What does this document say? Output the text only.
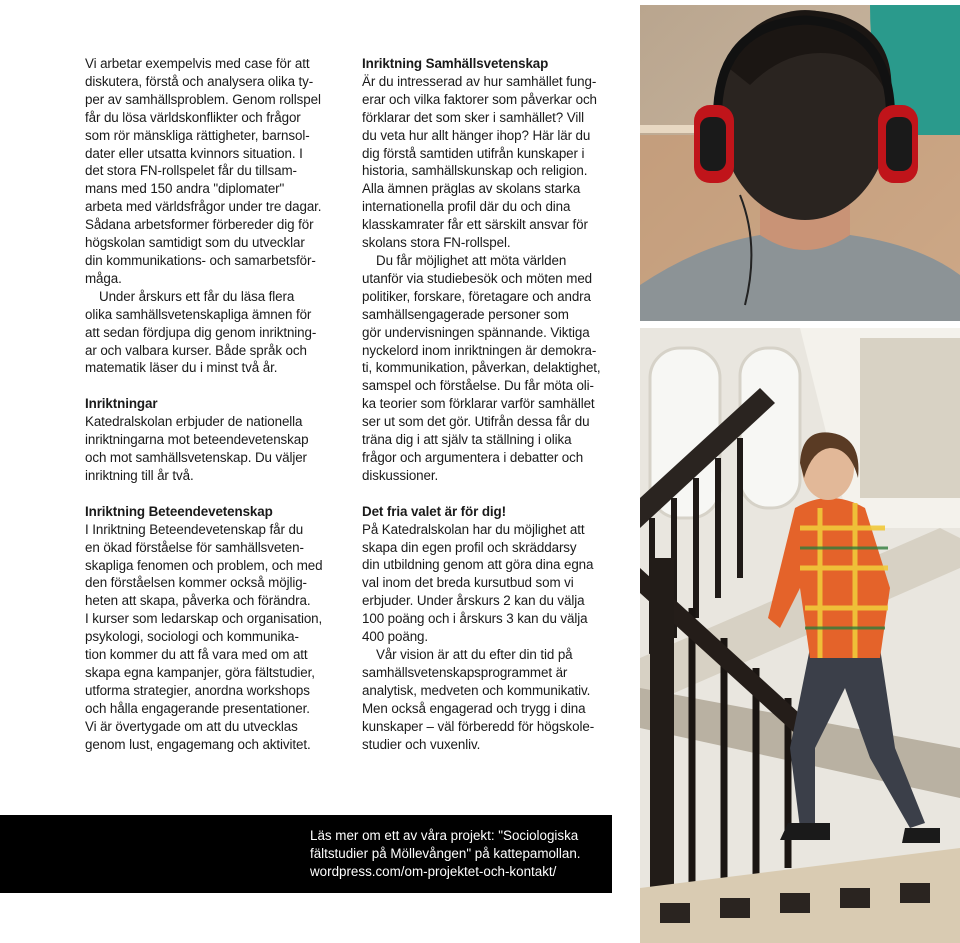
Vi arbetar exempelvis med case för att
diskutera, förstå och analysera olika ty-
per av samhällsproblem. Genom rollspel
får du lösa världskonflikter och frågor
som rör mänskliga rättigheter, barnsol-
dater eller utsatta kvinnors situation. I
det stora FN-rollspelet får du tillsam-
mans med 150 andra "diplomater"
arbeta med världsfrågor under tre dagar.
Sådana arbetsformer förbereder dig för
högskolan samtidigt som du utvecklar
din kommunikations- och samarbetsför-
måga.

Under årskurs ett får du läsa flera
olika samhällsvetenskapliga ämnen för
att sedan fördjupa dig genom inriktning-
ar och valbara kurser. Både språk och
matematik läser du i minst två år.

Inriktningar

Katedralskolan erbjuder de nationella
inriktningarna mot beteendevetenskap
och mot samhällsvetenskap. Du väljer
inriktning till år två.

Inriktning Beteendevetenskap

I Inriktning Beteendevetenskap får du
en ökad förståelse för samhällsveten-
skapliga fenomen och problem, och med
den förståelsen kommer också möjlig-
heten att skapa, påverka och förändra.
I kurser som ledarskap och organisation,
psykologi, sociologi och kommunika-
tion kommer du att få vara med om att
skapa egna kampanjer, göra fältstudier,
utforma strategier, anordna workshops
och hålla engagerande presentationer.
Vi är övertygade om att du utvecklas
genom lust, engagemang och aktivitet.

Inriktning Samhällsvetenskap

Är du intresserad av hur samhället fung-
erar och vilka faktorer som påverkar och
förklarar det som sker i samhället? Vill
du veta hur allt hänger ihop? Här lär du
dig förstå samtiden utifrån kunskaper i
historia, samhällskunskap och religion.
Alla ämnen präglas av skolans starka
internationella profil där du och dina
klasskamrater får ett särskilt ansvar för
skolans stora FN-rollspel.

Du får möjlighet att möta världen
utanför via studiebesök och möten med
politiker, forskare, företagare och andra
samhällsengagerade personer som
gör undervisningen spännande. Viktiga
nyckelord inom inriktningen är demokra-
ti, kommunikation, påverkan, delaktighet,
samspel och förståelse. Du får möta oli-
ka teorier som förklarar varför samhället
ser ut som det gör. Utifrån dessa får du
träna dig i att själv ta ställning i olika
frågor och argumentera i debatter och
diskussioner.

Det fria valet är för dig!

På Katedralskolan har du möjlighet att
skapa din egen profil och skräddarsy
din utbildning genom att göra dina egna
val inom det breda kursutbud som vi
erbjuder. Under årskurs 2 kan du välja
100 poäng och i årskurs 3 kan du välja
400 poäng.

Vår vision är att du efter din tid på
samhällsvetenskapsprogrammet är
analytisk, medveten och kommunikativ.
Men också engagerad och trygg i dina
kunskaper – väl förberedd för högskole-
studier och vuxenliv.

Läs mer om ett av våra projekt: "Sociologiska
fältstudier på Möllevången" på kattepamollan.
wordpress.com/om-projektet-och-kontakt/
